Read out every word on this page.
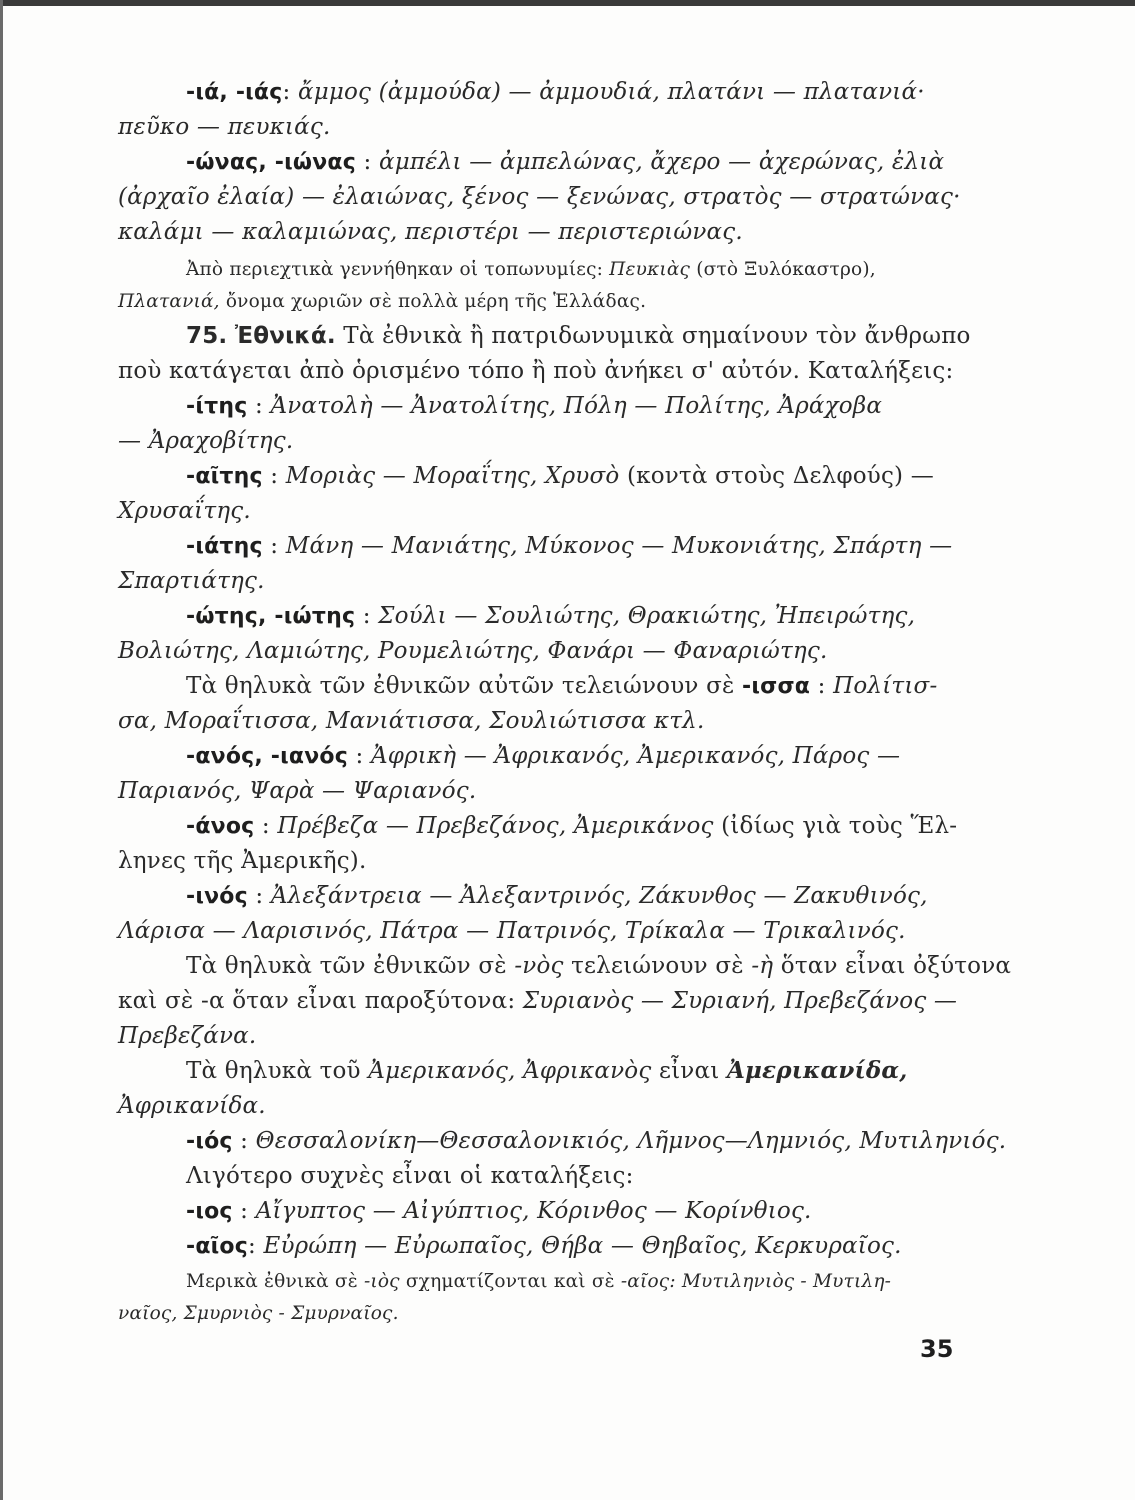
-ιά, -ιάς: ἄμμος (ἀμμούδα) — ἀμμουδιά, πλατάνι — πλατανιά·
πεῦκο — πευκιάς.
-ώνας, -ιώνας : ἀμπέλι — ἀμπελώνας, ἄχερο — ἀχερώνας, ἐλιὰ
(ἀρχαῖο ἐλαία) — ἐλαιώνας, ξένος — ξενώνας, στρατὸς — στρατώνας·
καλάμι — καλαμιώνας, περιστέρι — περιστεριώνας.
Ἀπὸ περιεχτικὰ γεννήθηκαν οἱ τοπωνυμίες: Πευκιὰς (στὸ Ξυλόκαστρο),
Πλατανιά, ὄνομα χωριῶν σὲ πολλὰ μέρη τῆς Ἑλλάδας.
75. Ἐθνικά. Τὰ ἐθνικὰ ἢ πατριδωνυμικὰ σημαίνουν τὸν ἄνθρωπο
ποὺ κατάγεται ἀπὸ ὁρισμένο τόπο ἢ ποὺ ἀνήκει σ' αὐτόν. Καταλήξεις:
-ίτης : Ἀνατολὴ — Ἀνατολίτης, Πόλη — Πολίτης, Ἀράχοβα
— Ἀραχοβίτης.
-αῖτης : Μοριὰς — Μοραΐτης, Χρυσὸ (κοντὰ στοὺς Δελφούς) —
Χρυσαΐτης.
-ιάτης : Μάνη — Μανιάτης, Μύκονος — Μυκονιάτης, Σπάρτη —
Σπαρτιάτης.
-ώτης, -ιώτης : Σούλι — Σουλιώτης, Θρακιώτης, Ἠπειρώτης,
Βολιώτης, Λαμιώτης, Ρουμελιώτης, Φανάρι — Φαναριώτης.
Τὰ θηλυκὰ τῶν ἐθνικῶν αὐτῶν τελειώνουν σὲ -ισσα : Πολίτισ-
σα, Μοραΐτισσα, Μανιάτισσα, Σουλιώτισσα κτλ.
-ανός, -ιανός : Ἀφρικὴ — Ἀφρικανός, Ἀμερικανός, Πάρος —
Παριανός, Ψαρὰ — Ψαριανός.
-άνος : Πρέβεζα — Πρεβεζάνος, Ἀμερικάνος (ἰδίως γιὰ τοὺς Ἕλ-
ληνες τῆς Ἀμερικῆς).
-ινός : Ἀλεξάντρεια — Ἀλεξαντρινός, Ζάκυνθος — Ζακυθινός,
Λάρισα — Λαρισινός, Πάτρα — Πατρινός, Τρίκαλα — Τρικαλινός.
Τὰ θηλυκὰ τῶν ἐθνικῶν σὲ -νὸς τελειώνουν σὲ -ὴ ὅταν εἶναι ὀξύτονα
καὶ σὲ -α ὅταν εἶναι παροξύτονα: Συριανὸς — Συριανή, Πρεβεζάνος —
Πρεβεζάνα.
Τὰ θηλυκὰ τοῦ Ἀμερικανός, Ἀφρικανὸς εἶναι Ἀμερικανίδα,
Ἀφρικανίδα.
-ιός : Θεσσαλονίκη—Θεσσαλονικιός, Λῆμνος—Λημνιός, Μυτιληνιός.
Λιγότερο συχνὲς εἶναι οἱ καταλήξεις:
-ιος : Αἴγυπτος — Αἰγύπτιος, Κόρινθος — Κορίνθιος.
-αῖος: Εὐρώπη — Εὐρωπαῖος, Θήβα — Θηβαῖος, Κερκυραῖος.
Μερικὰ ἐθνικὰ σὲ -ιὸς σχηματίζονται καὶ σὲ -αῖος: Μυτιληνιὸς - Μυτιλη-
ναῖος, Σμυρνιὸς - Σμυρναῖος.
35
